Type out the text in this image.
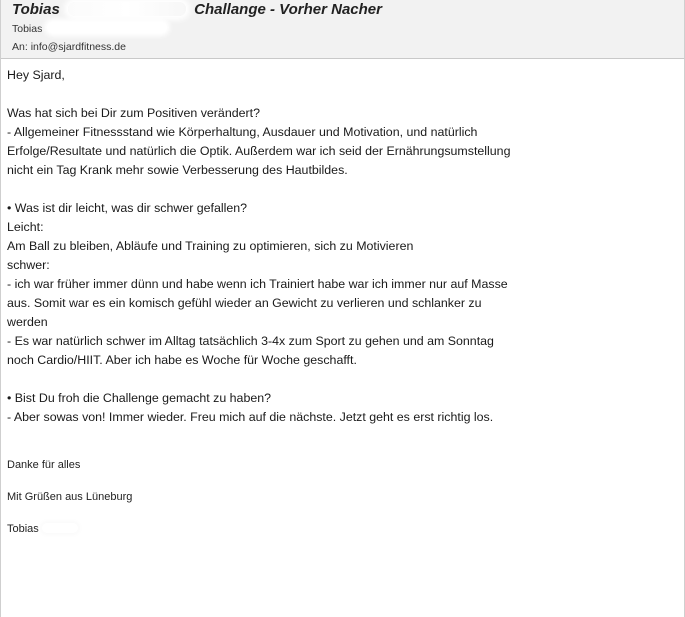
Tobias	Challange - Vorher Nacher
Tobias
An: info@sjardfitness.de
Hey Sjard,
Was hat sich bei Dir zum Positiven verändert?
- Allgemeiner Fitnessstand wie Körperhaltung, Ausdauer und Motivation, und natürlich
Erfolge/Resultate und natürlich die Optik. Außerdem war ich seid der Ernährungsumstellung
nicht ein Tag Krank mehr sowie Verbesserung des Hautbildes.
• Was ist dir leicht, was dir schwer gefallen?
Leicht:
Am Ball zu bleiben, Abläufe und Training zu optimieren, sich zu Motivieren
schwer:
- ich war früher immer dünn und habe wenn ich Trainiert habe war ich immer nur auf Masse
aus. Somit war es ein komisch gefühl wieder an Gewicht zu verlieren und schlanker zu
werden
- Es war natürlich schwer im Alltag tatsächlich 3-4x zum Sport zu gehen und am Sonntag
noch Cardio/HIIT. Aber ich habe es Woche für Woche geschafft.
• Bist Du froh die Challenge gemacht zu haben?
- Aber sowas von! Immer wieder. Freu mich auf die nächste. Jetzt geht es erst richtig los.
Danke für alles
Mit Grüßen aus Lüneburg
Tobias
